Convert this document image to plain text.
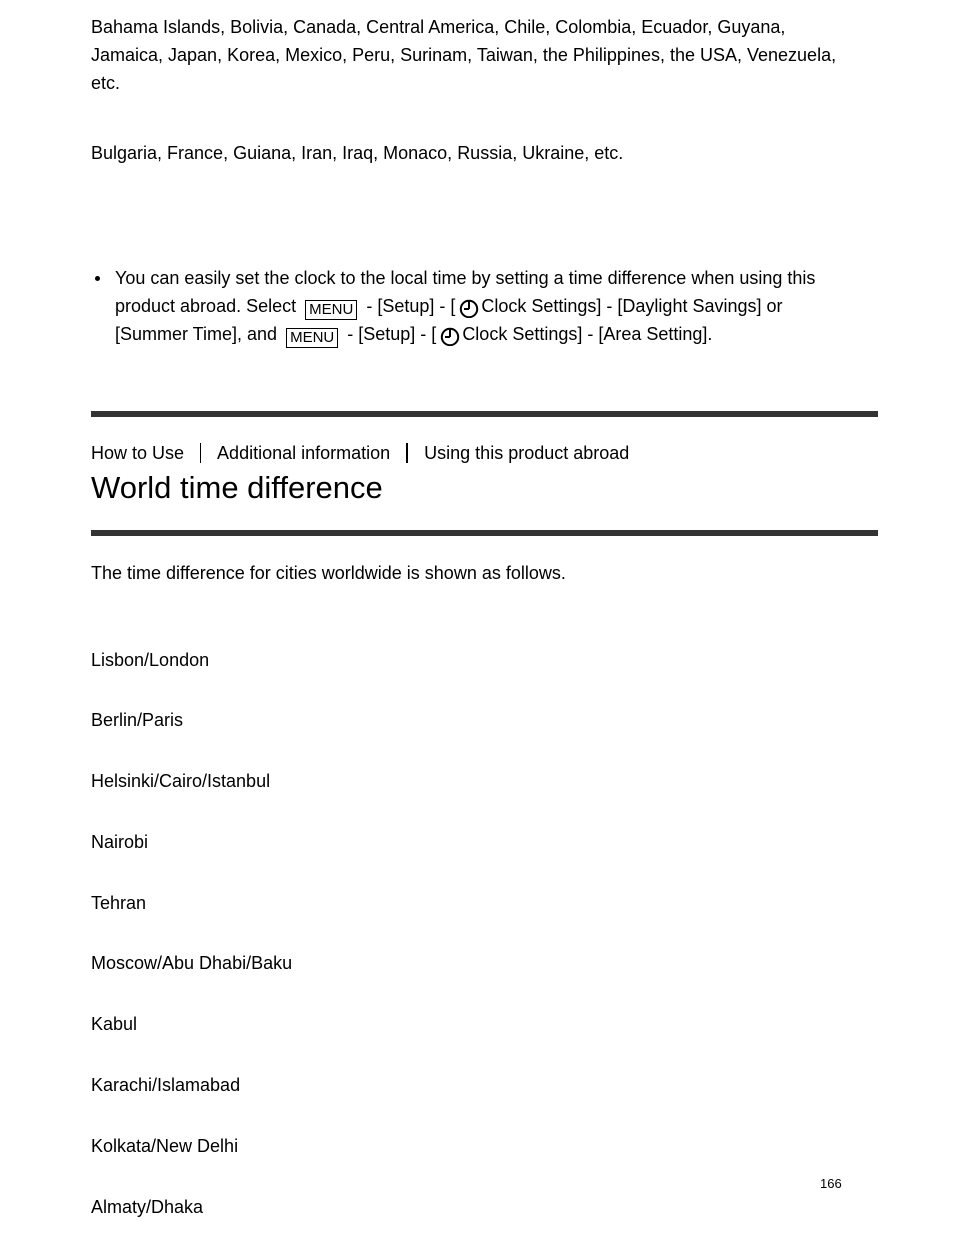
Bahama Islands, Bolivia, Canada, Central America, Chile, Colombia, Ecuador, Guyana,
Jamaica, Japan, Korea, Mexico, Peru, Surinam, Taiwan, the Philippines, the USA, Venezuela,
etc.

Bulgaria, France, Guiana, Iran, Iraq, Monaco, Russia, Ukraine, etc.

You can easily set the clock to the local time by setting a time difference when using this
product abroad. Select MENU - [Setup] - [ Clock Settings] - [Daylight Savings] or
[Summer Time], and MENU - [Setup] - [ Clock Settings] - [Area Setting].
How to Use Additional information Using this product abroad
World time difference

The time difference for cities worldwide is shown as follows.

Lisbon/London
Berlin/Paris
Helsinki/Cairo/Istanbul
Nairobi
Tehran
Moscow/Abu Dhabi/Baku
Kabul
Karachi/Islamabad
Kolkata/New Delhi
Almaty/Dhaka
166
